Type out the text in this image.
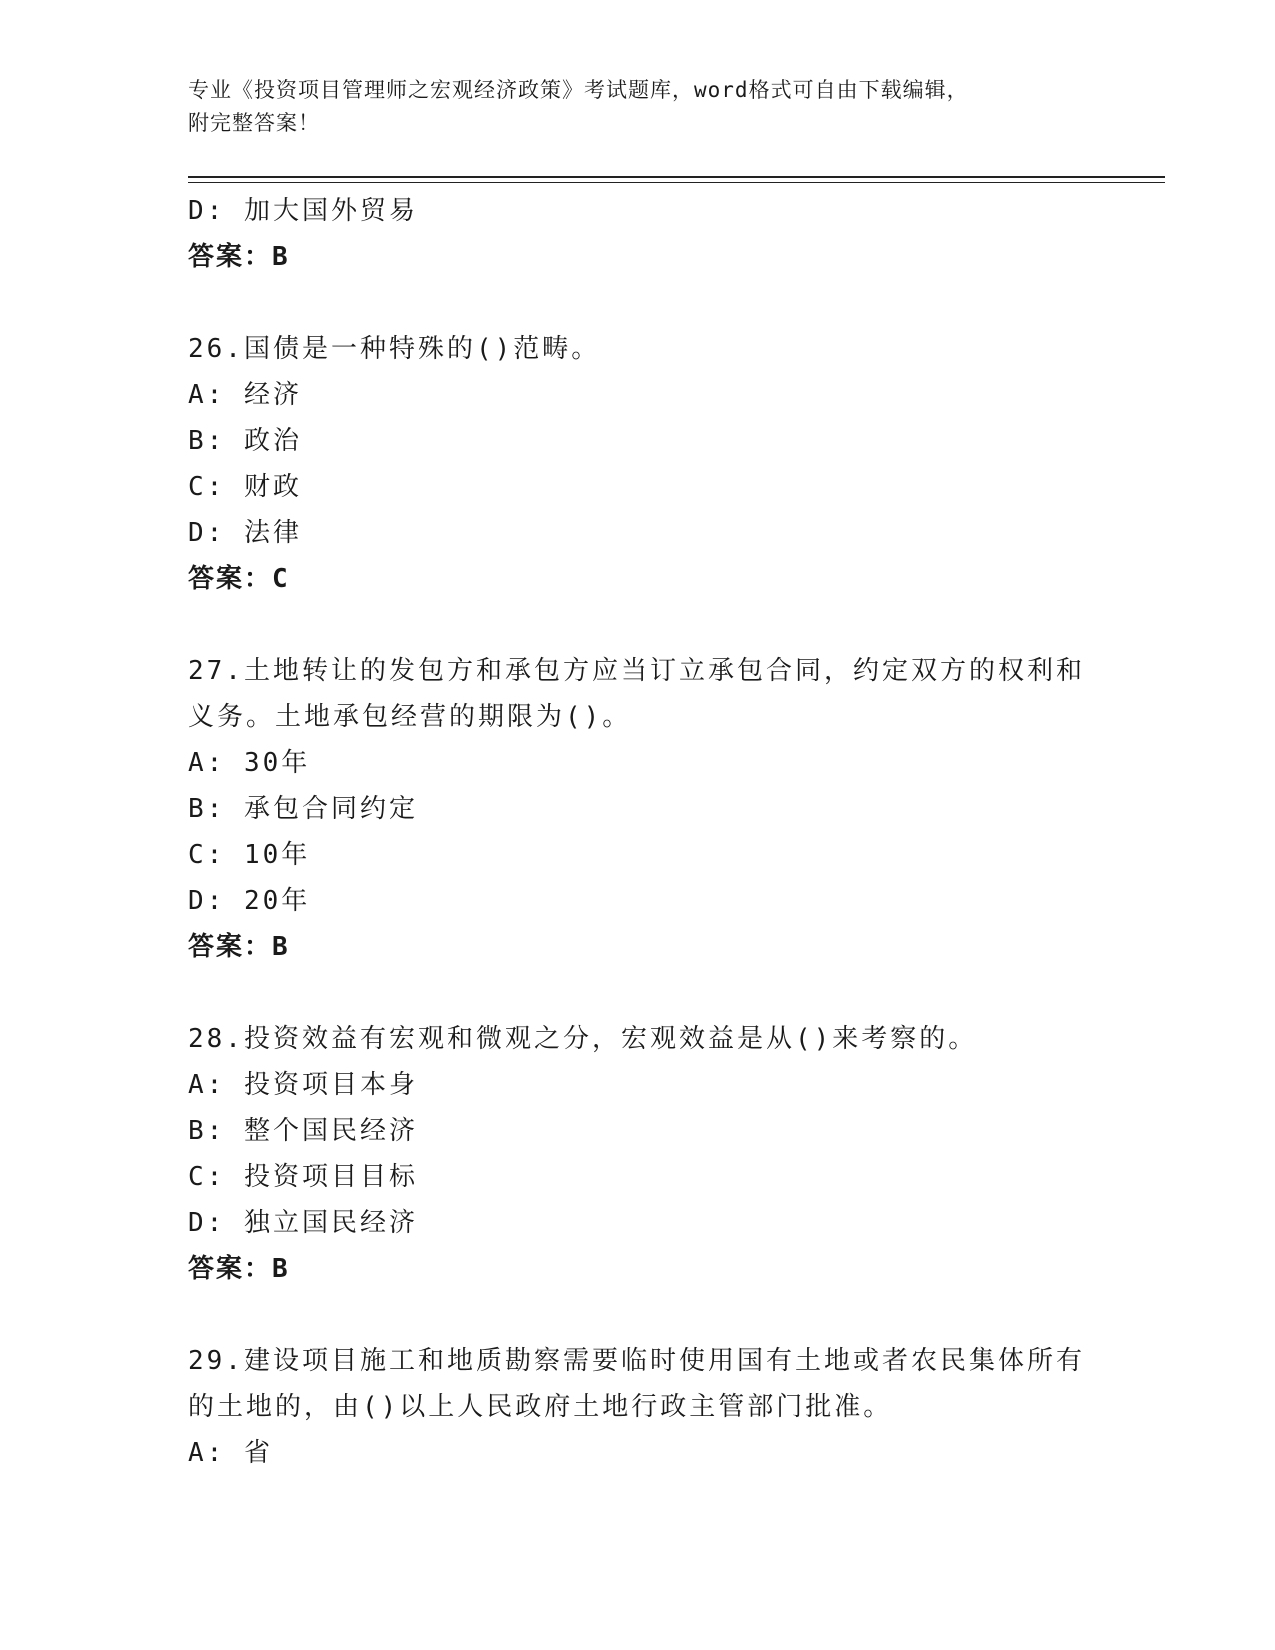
专业《投资项目管理师之宏观经济政策》考试题库，word格式可自由下载编辑，
附完整答案！
D: 加大国外贸易
答案：B
26.国债是一种特殊的()范畴。
A: 经济
B: 政治
C: 财政
D: 法律
答案：C
27.土地转让的发包方和承包方应当订立承包合同，约定双方的权利和
义务。土地承包经营的期限为()。
A: 30年
B: 承包合同约定
C: 10年
D: 20年
答案：B
28.投资效益有宏观和微观之分，宏观效益是从()来考察的。
A: 投资项目本身
B: 整个国民经济
C: 投资项目目标
D: 独立国民经济
答案：B
29.建设项目施工和地质勘察需要临时使用国有土地或者农民集体所有
的土地的，由()以上人民政府土地行政主管部门批准。
A: 省
